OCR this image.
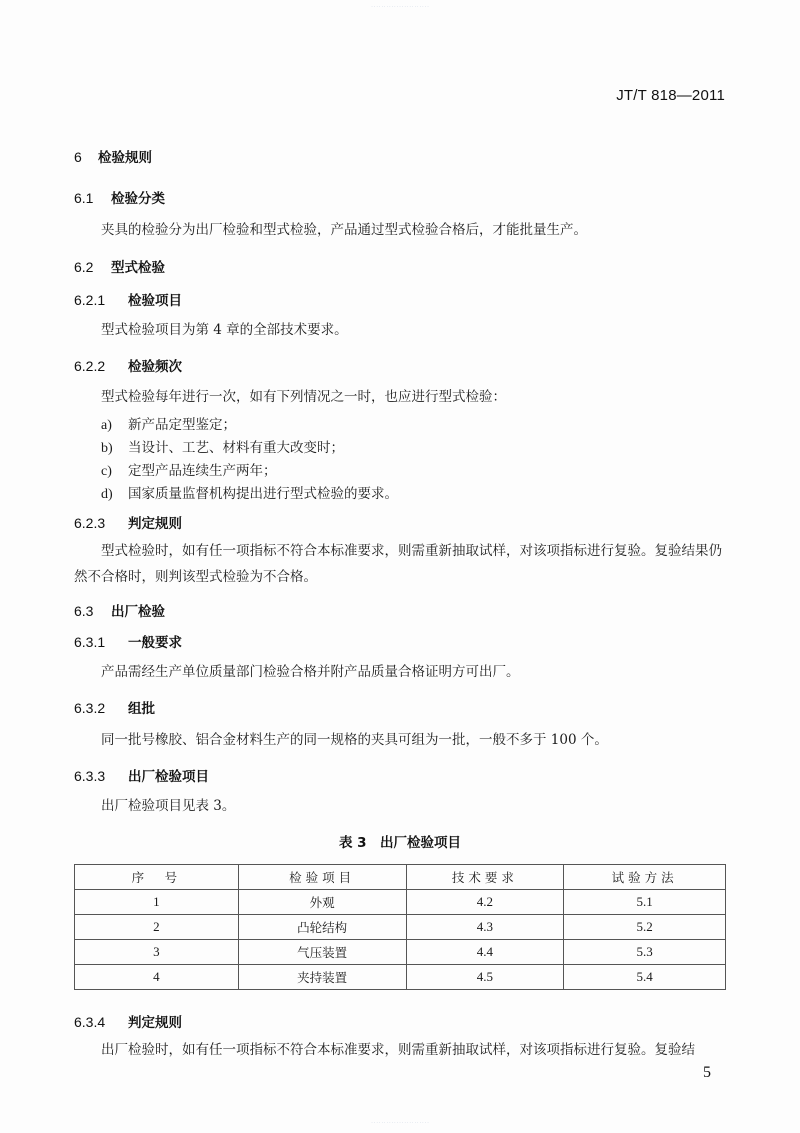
· · · · · · · · · · · · · · · · · · · · · · ·
JT/T 818—2011
6 检验规则
6.1 检验分类
夹具的检验分为出厂检验和型式检验，产品通过型式检验合格后，才能批量生产。
6.2 型式检验
6.2.1 检验项目
型式检验项目为第 4 章的全部技术要求。
6.2.2 检验频次
型式检验每年进行一次，如有下列情况之一时，也应进行型式检验：
a) 新产品定型鉴定；
b) 当设计、工艺、材料有重大改变时；
c) 定型产品连续生产两年；
d) 国家质量监督机构提出进行型式检验的要求。
6.2.3 判定规则
型式检验时，如有任一项指标不符合本标准要求，则需重新抽取试样，对该项指标进行复验。复验结果仍然不合格时，则判该型式检验为不合格。
6.3 出厂检验
6.3.1 一般要求
产品需经生产单位质量部门检验合格并附产品质量合格证明方可出厂。
6.3.2 组批
同一批号橡胶、铝合金材料生产的同一规格的夹具可组为一批，一般不多于 100 个。
6.3.3 出厂检验项目
出厂检验项目见表 3。
表 3　出厂检验项目
序　号	检验项目	技术要求	试验方法
1	外观	4.2	5.1
2	凸轮结构	4.3	5.2
3	气压装置	4.4	5.3
4	夹持装置	4.5	5.4
6.3.4 判定规则
出厂检验时，如有任一项指标不符合本标准要求，则需重新抽取试样，对该项指标进行复验。复验结
5
· · · · · · · · · · · · · · · · · · · · · · ·
